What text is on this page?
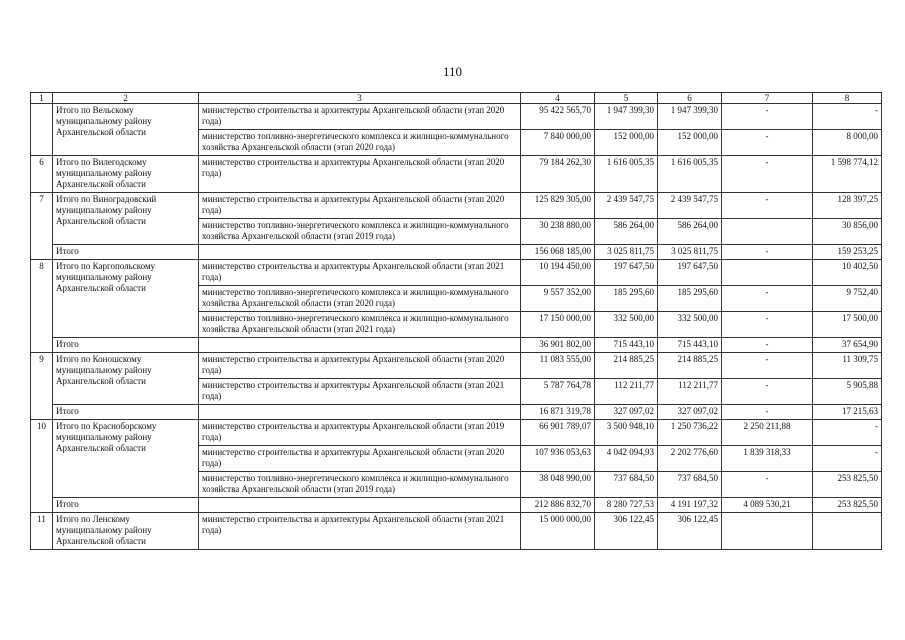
110
1	2	3	4	5	6	7	8
	Итого по Вельскому муниципальному району Архангельской области	министерство строительства и архитектуры Архангельской области (этап 2020 года)	95 422 565,70	1 947 399,30	1 947 399,30	-	-
		министерство топливно-энергетического комплекса и жилищно-коммунального хозяйства Архангельской области (этап 2020 года)	7 840 000,00	152 000,00	152 000,00	-	8 000,00
6	Итого по Вилегодскому муниципальному району Архангельской области	министерство строительства и архитектуры Архангельской области (этап 2020 года)	79 184 262,30	1 616 005,35	1 616 005,35	-	1 598 774,12
7	Итого по Виноградовский муниципальному району Архангельской области	министерство строительства и архитектуры Архангельской области (этап 2020 года)	125 829 305,00	2 439 547,75	2 439 547,75	-	128 397,25
		министерство топливно-энергетического комплекса и жилищно-коммунального хозяйства Архангельской области (этап 2019 года)	30 238 880,00	586 264,00	586 264,00		30 856,00
	Итого		156 068 185,00	3 025 811,75	3 025 811,75	-	159 253,25
8	Итого по Каргопольскому муниципальному району Архангельской области	министерство строительства и архитектуры Архангельской области (этап 2021 года)	10 194 450,00	197 647,50	197 647,50		10 402,50
		министерство топливно-энергетического комплекса и жилищно-коммунального хозяйства Архангельской области (этап 2020 года)	9 557 352,00	185 295,60	185 295,60	-	9 752,40
		министерство топливно-энергетического комплекса и жилищно-коммунального хозяйства Архангельской области (этап 2021 года)	17 150 000,00	332 500,00	332 500,00	-	17 500,00
	Итого		36 901 802,00	715 443,10	715 443,10	-	37 654,90
9	Итого по Коношскому муниципальному району Архангельской области	министерство строительства и архитектуры Архангельской области (этап 2020 года)	11 083 555,00	214 885,25	214 885,25	-	11 309,75
		министерство строительства и архитектуры Архангельской области (этап 2021 года)	5 787 764,78	112 211,77	112 211,77	-	5 905,88
	Итого		16 871 319,78	327 097,02	327 097,02	-	17 215,63
10	Итого по Красноборскому муниципальному району Архангельской области	министерство строительства и архитектуры Архангельской области (этап 2019 года)	66 901 789,07	3 500 948,10	1 250 736,22	2 250 211,88	-
		министерство строительства и архитектуры Архангельской области (этап 2020 года)	107 936 053,63	4 042 094,93	2 202 776,60	1 839 318,33	-
		министерство топливно-энергетического комплекса и жилищно-коммунального хозяйства Архангельской области (этап 2019 года)	38 048 990,00	737 684,50	737 684,50	-	253 825,50
	Итого		212 886 832,70	8 280 727,53	4 191 197,32	4 089 530,21	253 825,50
11	Итого по Ленскому муниципальному району Архангельской области	министерство строительства и архитектуры Архангельской области (этап 2021 года)	15 000 000,00	306 122,45	306 122,45		
